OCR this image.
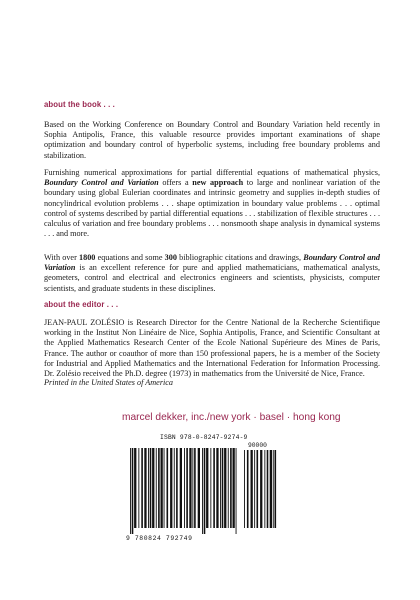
about the book . . .
Based on the Working Conference on Boundary Control and Boundary Variation held recently in Sophia Antipolis, France, this valuable resource provides important examinations of shape optimization and boundary control of hyperbolic systems, including free boundary problems and stabilization.
Furnishing numerical approximations for partial differential equations of mathematical physics, Boundary Control and Variation offers a new approach to large and nonlinear variation of the boundary using global Eulerian coordinates and intrinsic geometry and supplies in-depth studies of noncylindrical evolution problems . . . shape optimization in boundary value problems . . . optimal control of systems described by partial differential equations . . . stabilization of flexible structures . . . calculus of variation and free boundary problems . . . nonsmooth shape analysis in dynamical systems . . . and more.
With over 1800 equations and some 300 bibliographic citations and drawings, Boundary Control and Variation is an excellent reference for pure and applied mathematicians, mathematical analysts, geometers, control and electrical and electronics engineers and scientists, physicists, computer scientists, and graduate students in these disciplines.
about the editor . . .
JEAN-PAUL ZOLÉSIO is Research Director for the Centre National de la Recherche Scientifique working in the Institut Non Linéaire de Nice, Sophia Antipolis, France, and Scientific Consultant at the Applied Mathematics Research Center of the Ecole National Supérieure des Mines de Paris, France. The author or coauthor of more than 150 professional papers, he is a member of the Society for Industrial and Applied Mathematics and the International Federation for Information Processing. Dr. Zolésio received the Ph.D. degree (1973) in mathematics from the Université de Nice, France.
Printed in the United States of America
marcel dekker, inc./new york · basel · hong kong
ISBN 978-0-8247-9274-9
90000
9 780824 792749
